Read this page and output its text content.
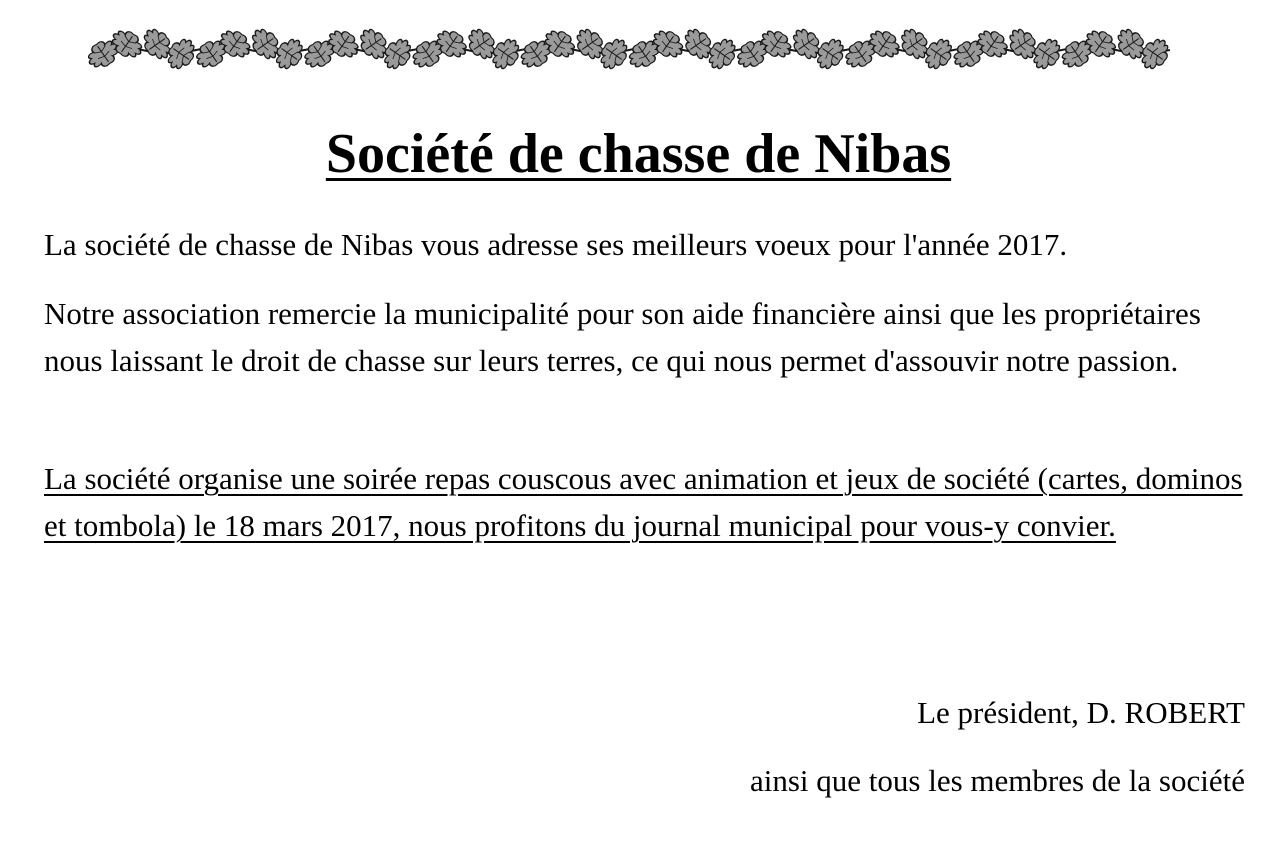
Société de chasse de Nibas

La société de chasse de Nibas vous adresse ses meilleurs voeux pour l'année 2017.

Notre association remercie la municipalité pour son aide financière ainsi que les propriétaires nous laissant le droit de chasse sur leurs terres, ce qui nous permet d'assouvir notre passion.

La société organise une soirée repas couscous avec animation et jeux de société (cartes, dominos et tombola) le 18 mars 2017, nous profitons du journal municipal pour vous-y convier.

Le président, D. ROBERT

ainsi que tous les membres de la société
